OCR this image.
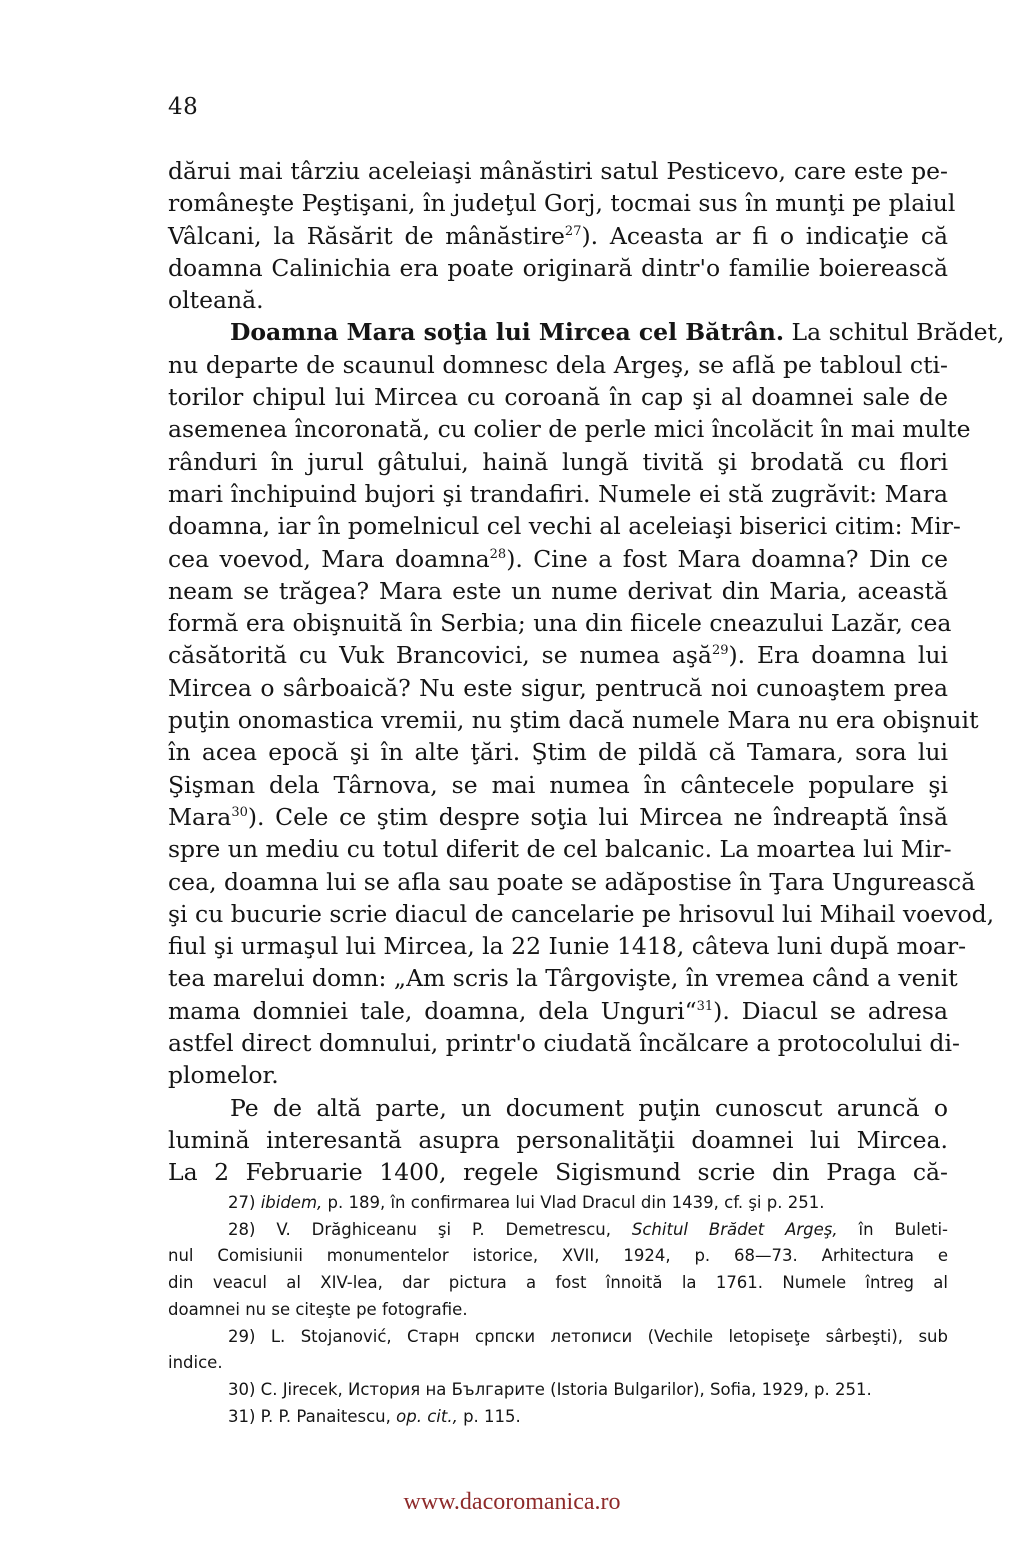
48
dărui mai târziu aceleiaşi mânăstiri satul Pesticevo, care este pe-
româneşte Peştişani, în judeţul Gorj, tocmai sus în munţi pe plaiul
Vâlcani, la Răsărit de mânăstire$^{27}$). Aceasta ar fi o indicaţie că
doamna Calinichia era poate originară dintr'o familie boierească
olteană.
Doamna Mara soţia lui Mircea cel Bătrân. La schitul Brădet,
nu departe de scaunul domnesc dela Argeş, se află pe tabloul cti-
torilor chipul lui Mircea cu coroană în cap şi al doamnei sale de
asemenea încoronată, cu colier de perle mici încolăcit în mai multe
rânduri în jurul gâtului, haină lungă tivită şi brodată cu flori
mari închipuind bujori şi trandafiri. Numele ei stă zugrăvit: Mara
doamna, iar în pomelnicul cel vechi al aceleiaşi biserici citim: Mir-
cea voevod, Mara doamna$^{28}$). Cine a fost Mara doamna? Din ce
neam se trăgea? Mara este un nume derivat din Maria, această
formă era obişnuită în Serbia; una din fiicele cneazului Lazăr, cea
căsătorită cu Vuk Brancovici, se numea aşă$^{29}$). Era doamna lui
Mircea o sârboaică? Nu este sigur, pentrucă noi cunoaştem prea
puţin onomastica vremii, nu ştim dacă numele Mara nu era obişnuit
în acea epocă şi în alte ţări. Ştim de pildă că Tamara, sora lui
Şişman dela Târnova, se mai numea în cântecele populare şi
Mara$^{30}$). Cele ce ştim despre soţia lui Mircea ne îndreaptă însă
spre un mediu cu totul diferit de cel balcanic. La moartea lui Mir-
cea, doamna lui se afla sau poate se adăpostise în Ţara Ungurească
şi cu bucurie scrie diacul de cancelarie pe hrisovul lui Mihail voevod,
fiul şi urmaşul lui Mircea, la 22 Iunie 1418, câteva luni după moar-
tea marelui domn: „Am scris la Târgovişte, în vremea când a venit
mama domniei tale, doamna, dela Unguri“$^{31}$). Diacul se adresa
astfel direct domnului, printr'o ciudată încălcare a protocolului di-
plomelor.
Pe de altă parte, un document puţin cunoscut aruncă o
lumină interesantă asupra personalităţii doamnei lui Mircea.
La 2 Februarie 1400, regele Sigismund scrie din Praga că-
27) ibidem, p. 189, în confirmarea lui Vlad Dracul din 1439, cf. şi p. 251.
28) V. Drăghiceanu şi P. Demetrescu, Schitul Brădet Argeş, în Buleti-
nul Comisiunii monumentelor istorice, XVII, 1924, p. 68—73. Arhitectura e
din veacul al XIV-lea, dar pictura a fost înnoită la 1761. Numele întreg al
doamnei nu se citeşte pe fotografie.
29) L. Stojanović, Старн српски летописи (Vechile letopiseţe sârbeşti), sub
indice.
30) C. Jirecek, История на Българите (Istoria Bulgarilor), Sofia, 1929, p. 251.
31) P. P. Panaitescu, op. cit., p. 115.
www.dacoromanica.ro
